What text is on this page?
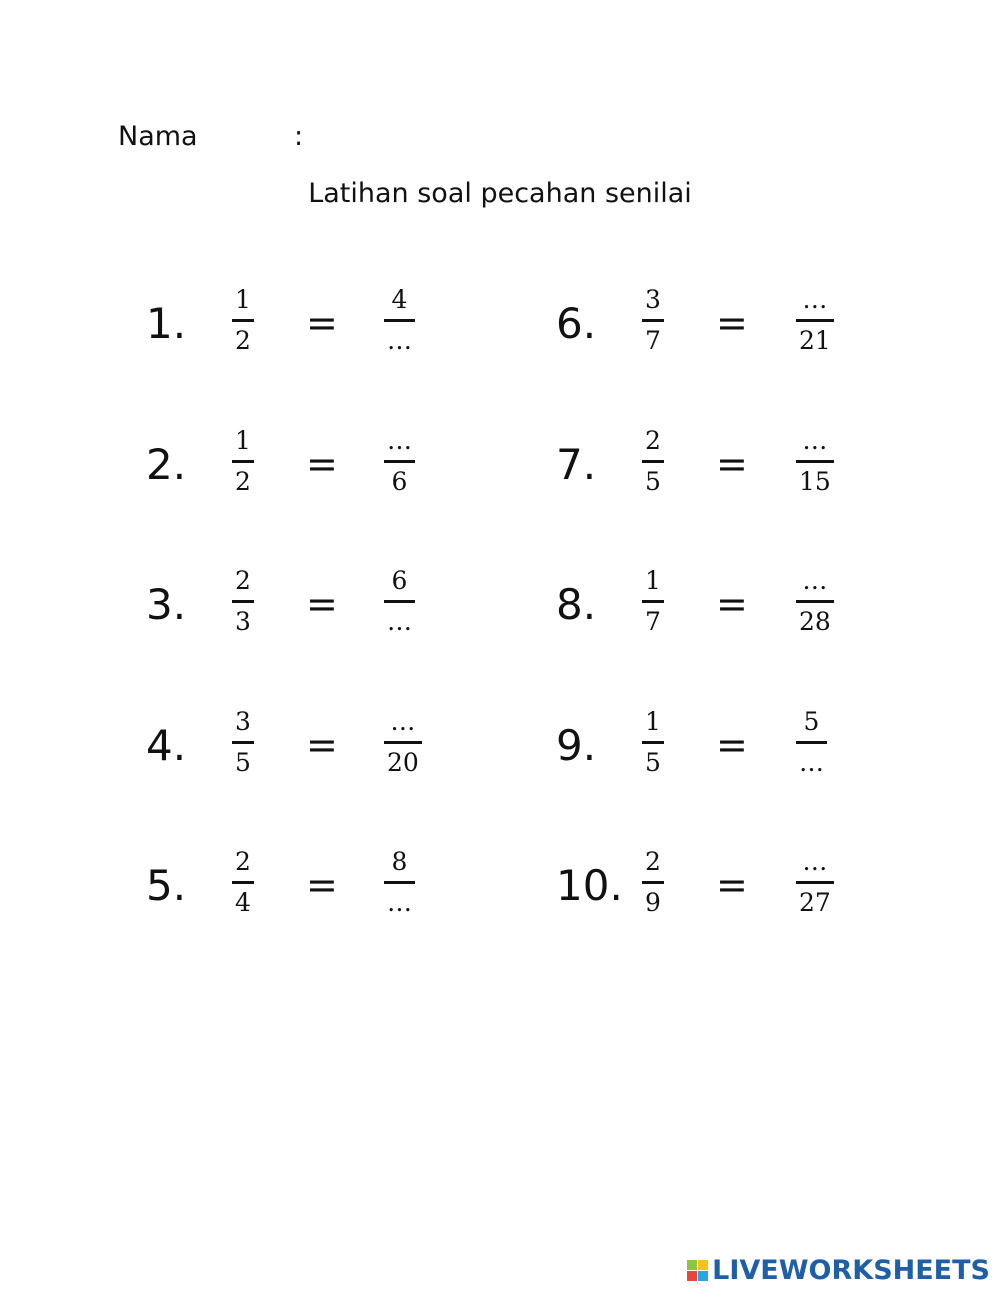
Nama	:
Latihan soal pecahan senilai
1. 1
2 =
4
…
2. 1
2 =
…
6
3. 2
3 =
6
…
4. 3
5 =
…
20
5. 2
4 =
8
…
6. 3
7 =
…
21
7. 2
5 =
…
15
8. 1
7 =
…
28
9. 1
5 =
5
…
10. 2
9 =
…
27
LIVEWORKSHEETS
